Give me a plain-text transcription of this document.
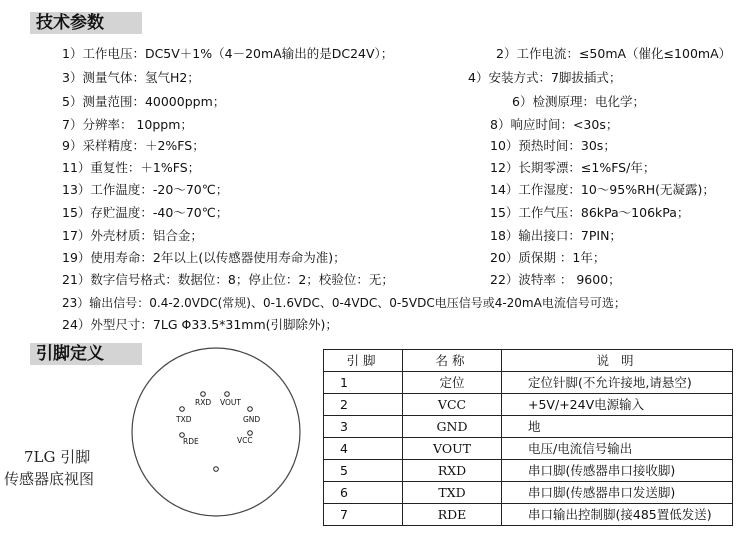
技术参数
引脚定义
1）工作电压：DC5V＋1%（4－20mA输出的是DC24V）；
3）测量气体：氢气H2；
5）测量范围：40000ppm；
7）分辨率： 10ppm；
9）采样精度：＋2%FS；
11）重复性：＋1%FS；
13）工作温度：-20～70℃；
15）存贮温度：-40～70℃；
17）外壳材质：铝合金；
19）使用寿命：2年以上(以传感器使用寿命为准)；
21）数字信号格式：数据位：8；停止位：2；校验位：无；
23）输出信号：0.4-2.0VDC(常规)、0-1.6VDC、0-4VDC、0-5VDC电压信号或4-20mA电流信号可选；
24）外型尺寸：7LG Φ33.5*31mm(引脚除外)；
2）工作电流：≤50mA（催化≤100mA）
4）安装方式：7脚拔插式；
6）检测原理：电化学；
8）响应时间：<30s；
10）预热时间：30s；
12）长期零漂：≤1%FS/年；
14）工作湿度：10～95%RH(无凝露)；
15）工作气压：86kPa～106kPa；
18）输出接口：7PIN；
20）质保期 ：1年；
22）波特率 ： 9600；
7LG 引脚
传感器底视图
RXD VOUT
TXD	GND
RDE	VCC
引脚	名称	说 明
1	定位	定位针脚(不允许接地,请悬空)
2	VCC	+5V/+24V电源输入
3	GND	地
4	VOUT	电压/电流信号输出
5	RXD	串口脚(传感器串口接收脚)
6	TXD	串口脚(传感器串口发送脚)
7	RDE	串口输出控制脚(接485置低发送)
